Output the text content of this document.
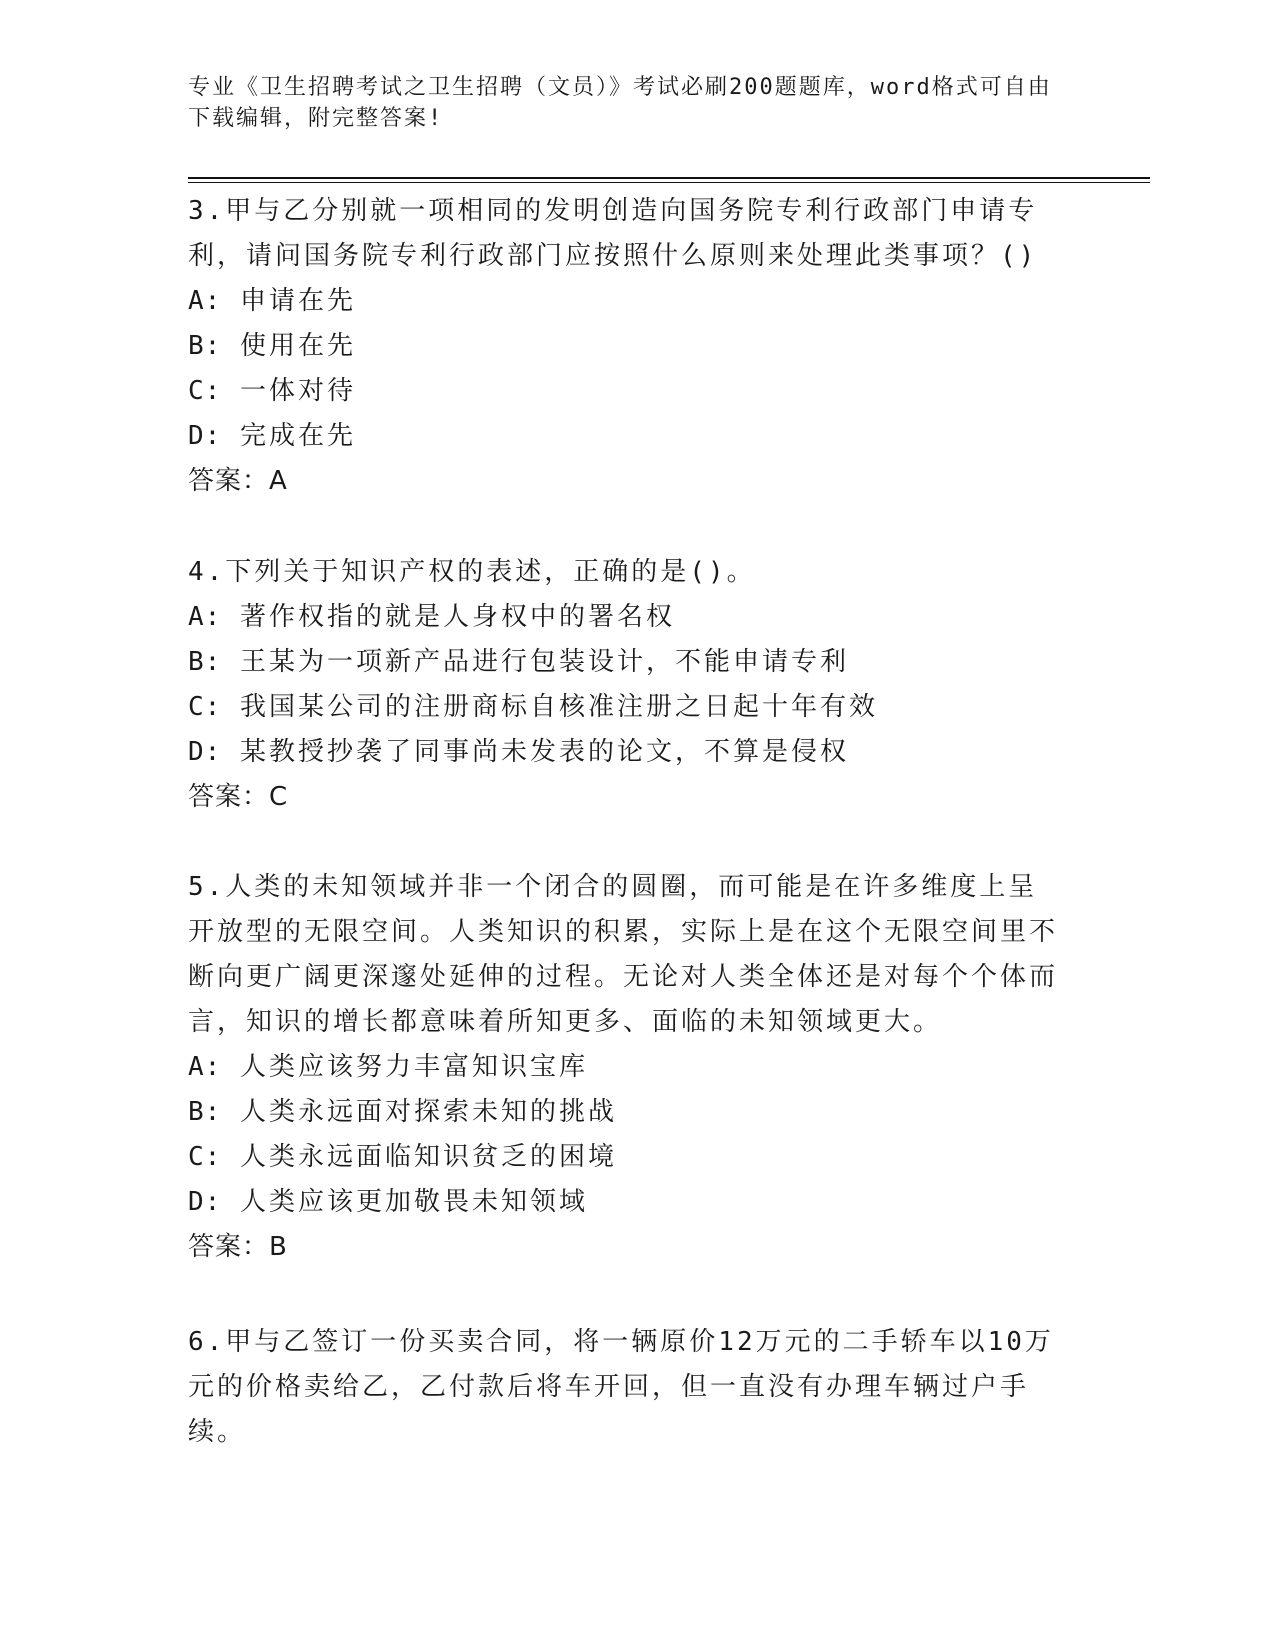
专业《卫生招聘考试之卫生招聘（文员）》考试必刷200题题库，word格式可自由下载编辑，附完整答案!

3.甲与乙分别就一项相同的发明创造向国务院专利行政部门申请专利，请问国务院专利行政部门应按照什么原则来处理此类事项？()

A: 申请在先

B: 使用在先

C: 一体对待

D: 完成在先

答案：A

4.下列关于知识产权的表述，正确的是()。

A: 著作权指的就是人身权中的署名权

B: 王某为一项新产品进行包装设计，不能申请专利

C: 我国某公司的注册商标自核准注册之日起十年有效

D: 某教授抄袭了同事尚未发表的论文，不算是侵权

答案：C

5.人类的未知领域并非一个闭合的圆圈，而可能是在许多维度上呈开放型的无限空间。人类知识的积累，实际上是在这个无限空间里不断向更广阔更深邃处延伸的过程。无论对人类全体还是对每个个体而言，知识的增长都意味着所知更多、面临的未知领域更大。

A: 人类应该努力丰富知识宝库

B: 人类永远面对探索未知的挑战

C: 人类永远面临知识贫乏的困境

D: 人类应该更加敬畏未知领域

答案：B

6.甲与乙签订一份买卖合同，将一辆原价12万元的二手轿车以10万元的价格卖给乙，乙付款后将车开回，但一直没有办理车辆过户手续。
